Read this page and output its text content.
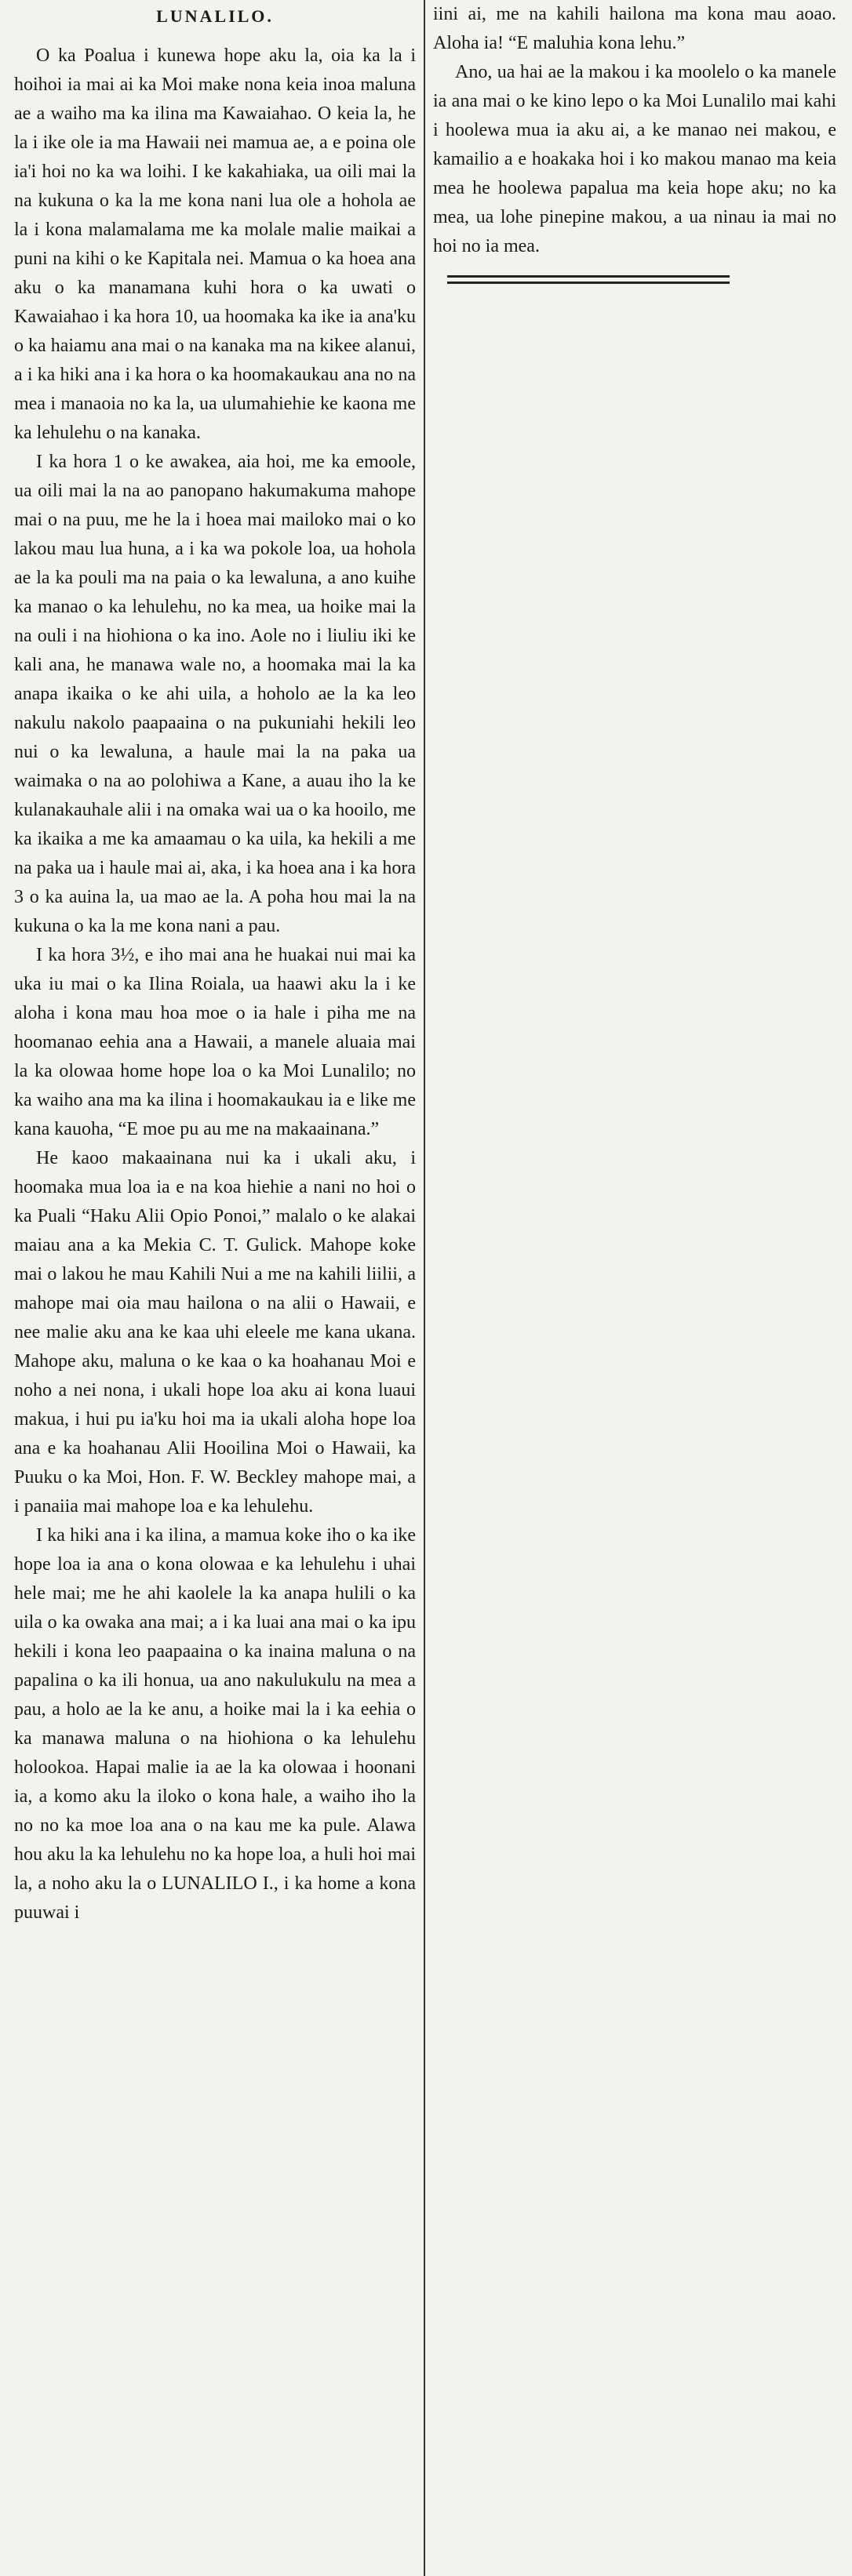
LUNALILO.

O ka Poalua i kunewa hope aku la, oia ka la i hoihoi ia mai ai ka Moi make nona keia inoa maluna ae a waiho ma ka ilina ma Kawaiahao. O keia la, he la i ike ole ia ma Hawaii nei mamua ae, a e poina ole ia'i hoi no ka wa loihi. I ke kakahiaka, ua oili mai la na kukuna o ka la me kona nani lua ole a hohola ae la i kona malamalama me ka molale malie maikai a puni na kihi o ke Kapitala nei. Mamua o ka hoea ana aku o ka manamana kuhi hora o ka uwati o Kawaiahao i ka hora 10, ua hoomaka ka ike ia ana'ku o ka haiamu ana mai o na kanaka ma na kikee alanui, a i ka hiki ana i ka hora o ka hoomakaukau ana no na mea i manaoia no ka la, ua ulumahiehie ke kaona me ka lehulehu o na kanaka.

I ka hora 1 o ke awakea, aia hoi, me ka emoole, ua oili mai la na ao panopano hakumakuma mahope mai o na puu, me he la i hoea mai mailoko mai o ko lakou mau lua huna, a i ka wa pokole loa, ua hohola ae la ka pouli ma na paia o ka lewaluna, a ano kuihe ka manao o ka lehulehu, no ka mea, ua hoike mai la na ouli i na hiohiona o ka ino. Aole no i liuliu iki ke kali ana, he manawa wale no, a hoomaka mai la ka anapa ikaika o ke ahi uila, a hoholo ae la ka leo nakulu nakolo paapaaina o na pukuniahi hekili leo nui o ka lewaluna, a haule mai la na paka ua waimaka o na ao polohiwa a Kane, a auau iho la ke kulanakauhale alii i na omaka wai ua o ka hooilo, me ka ikaika a me ka amaamau o ka uila, ka hekili a me na paka ua i haule mai ai, aka, i ka hoea ana i ka hora 3 o ka auina la, ua mao ae la. A poha hou mai la na kukuna o ka la me kona nani a pau.

I ka hora 3½, e iho mai ana he huakai nui mai ka uka iu mai o ka Ilina Roiala, ua haawi aku la i ke aloha i kona mau hoa moe o ia hale i piha me na hoomanao eehia ana a Hawaii, a manele aluaia mai la ka olowaa home hope loa o ka Moi Lunalilo; no ka waiho ana ma ka ilina i hoomakaukau ia e like me kana kauoha, “E moe pu au me na makaainana.”

He kaoo makaainana nui ka i ukali aku, i hoomaka mua loa ia e na koa hiehie a nani no hoi o ka Puali “Haku Alii Opio Ponoi,” malalo o ke alakai maiau ana a ka Mekia C. T. Gulick. Mahope koke mai o lakou he mau Kahili Nui a me na kahili liilii, a mahope mai oia mau hailona o na alii o Hawaii, e nee malie aku ana ke kaa uhi eleele me kana ukana. Mahope aku, maluna o ke kaa o ka hoahanau Moi e noho a nei nona, i ukali hope loa aku ai kona luaui makua, i hui pu ia'ku hoi ma ia ukali aloha hope loa ana e ka hoahanau Alii Hooilina Moi o Hawaii, ka Puuku o ka Moi, Hon. F. W. Beckley mahope mai, a i panaiia mai mahope loa e ka lehulehu.

I ka hiki ana i ka ilina, a mamua koke iho o ka ike hope loa ia ana o kona olowaa e ka lehulehu i uhai hele mai; me he ahi kaolele la ka anapa hulili o ka uila o ka owaka ana mai; a i ka luai ana mai o ka ipu hekili i kona leo paapaaina o ka inaina maluna o na papalina o ka ili honua, ua ano nakulukulu na mea a pau, a holo ae la ke anu, a hoike mai la i ka eehia o ka manawa maluna o na hiohiona o ka lehulehu holookoa. Hapai malie ia ae la ka olowaa i hoonani ia, a komo aku la iloko o kona hale, a waiho iho la no no ka moe loa ana o na kau me ka pule. Alawa hou aku la ka lehulehu no ka hope loa, a huli hoi mai la, a noho aku la o LUNALILO I., i ka home a kona puuwai i

iini ai, me na kahili hailona ma kona mau aoao. Aloha ia! “E maluhia kona lehu.”

Ano, ua hai ae la makou i ka moolelo o ka manele ia ana mai o ke kino lepo o ka Moi Lunalilo mai kahi i hoolewa mua ia aku ai, a ke manao nei makou, e kamailio a e hoakaka hoi i ko makou manao ma keia mea he hoolewa papalua ma keia hope aku; no ka mea, ua lohe pinepine makou, a ua ninau ia mai no hoi no ia mea.
